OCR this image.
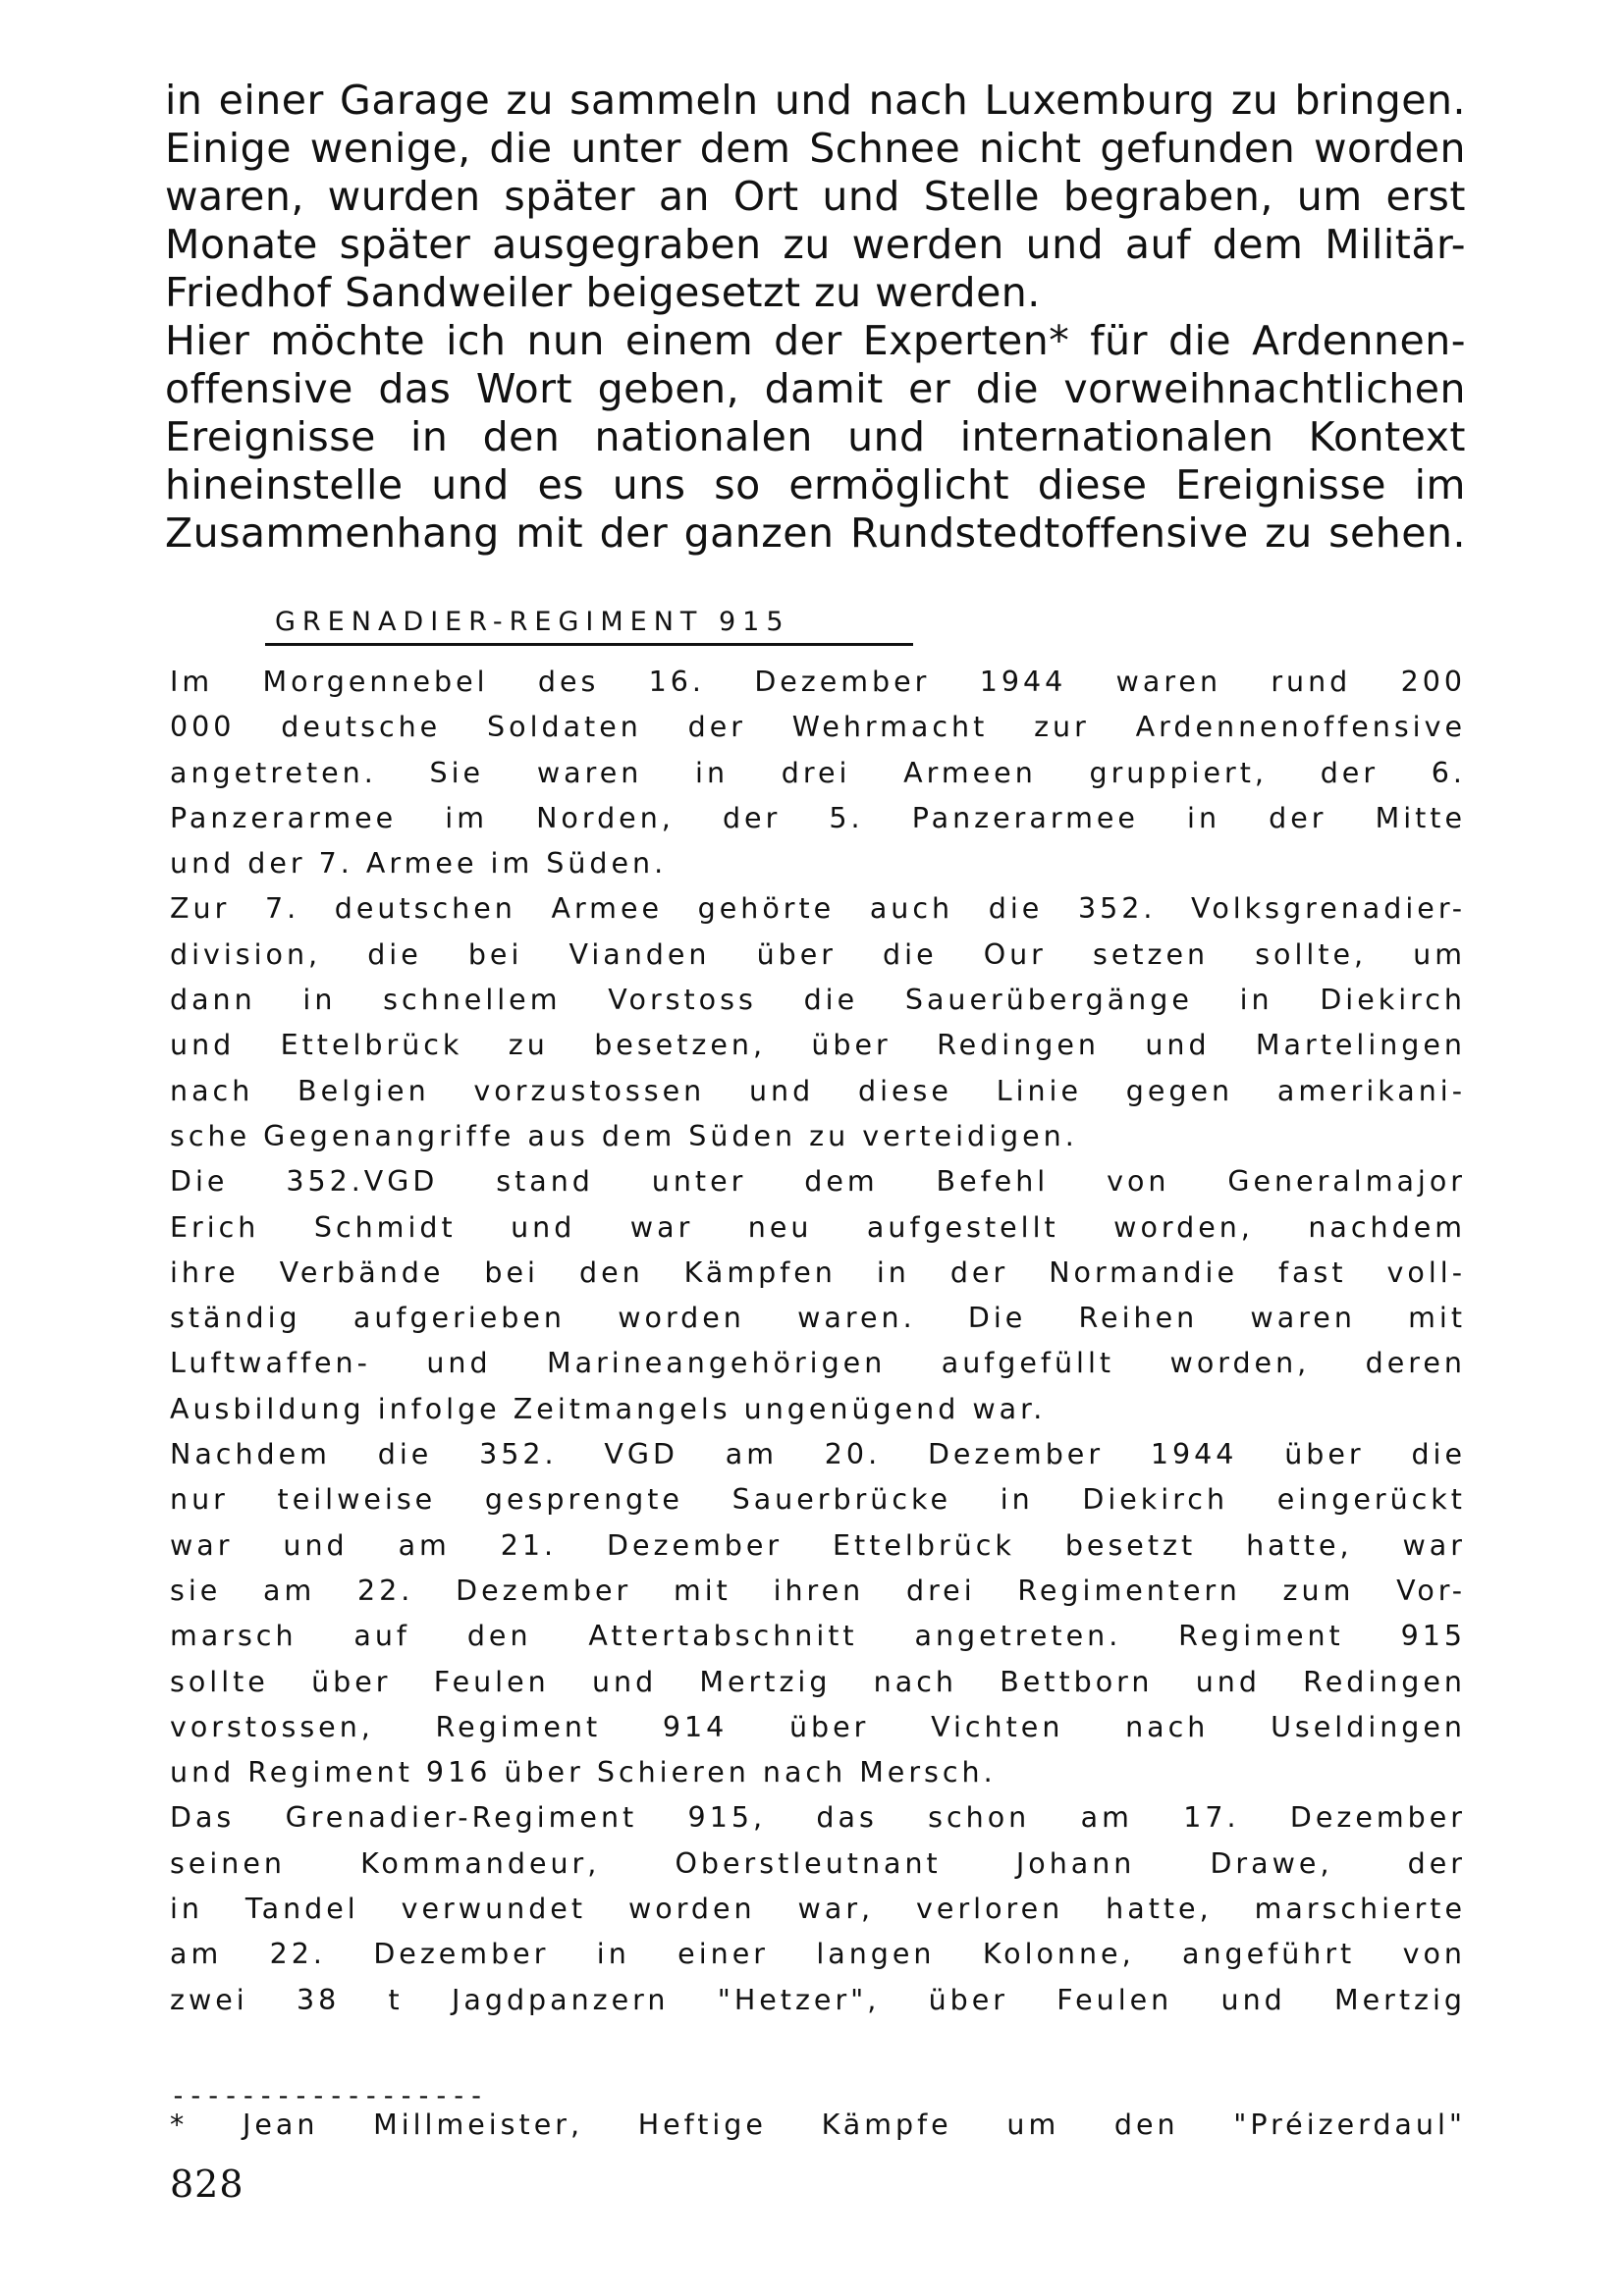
in einer Garage zu sammeln und nach Luxemburg zu bringen.
Einige wenige, die unter dem Schnee nicht gefunden worden
waren, wurden später an Ort und Stelle begraben, um erst
Monate später ausgegraben zu werden und auf dem Militär-
Friedhof Sandweiler beigesetzt zu werden.
Hier möchte ich nun einem der Experten* für die Ardennen-
offensive das Wort geben, damit er die vorweihnachtlichen
Ereignisse in den nationalen und internationalen Kontext
hineinstelle und es uns so ermöglicht diese Ereignisse im
Zusammenhang mit der ganzen Rundstedtoffensive zu sehen.
GRENADIER-REGIMENT 915
Im Morgennebel des 16. Dezember 1944 waren rund 200
000 deutsche Soldaten der Wehrmacht zur Ardennenoffensive
angetreten. Sie waren in drei Armeen gruppiert, der 6.
Panzerarmee im Norden, der 5. Panzerarmee in der Mitte
und der 7. Armee im Süden.
Zur 7. deutschen Armee gehörte auch die 352. Volksgrenadier-
division, die bei Vianden über die Our setzen sollte, um
dann in schnellem Vorstoss die Sauerübergänge in Diekirch
und Ettelbrück zu besetzen, über Redingen und Martelingen
nach Belgien vorzustossen und diese Linie gegen amerikani-
sche Gegenangriffe aus dem Süden zu verteidigen.
Die 352.VGD stand unter dem Befehl von Generalmajor
Erich Schmidt und war neu aufgestellt worden, nachdem
ihre Verbände bei den Kämpfen in der Normandie fast voll-
ständig aufgerieben worden waren. Die Reihen waren mit
Luftwaffen- und Marineangehörigen aufgefüllt worden, deren
Ausbildung infolge Zeitmangels ungenügend war.
Nachdem die 352. VGD am 20. Dezember 1944 über die
nur teilweise gesprengte Sauerbrücke in Diekirch eingerückt
war und am 21. Dezember Ettelbrück besetzt hatte, war
sie am 22. Dezember mit ihren drei Regimentern zum Vor-
marsch auf den Attertabschnitt angetreten. Regiment 915
sollte über Feulen und Mertzig nach Bettborn und Redingen
vorstossen, Regiment 914 über Vichten nach Useldingen
und Regiment 916 über Schieren nach Mersch.
Das Grenadier-Regiment 915, das schon am 17. Dezember
seinen Kommandeur, Oberstleutnant Johann Drawe, der
in Tandel verwundet worden war, verloren hatte, marschierte
am 22. Dezember in einer langen Kolonne, angeführt von
zwei 38 t Jagdpanzern "Hetzer", über Feulen und Mertzig
------------------
* Jean Millmeister, Heftige Kämpfe um den "Préizerdaul"
828
